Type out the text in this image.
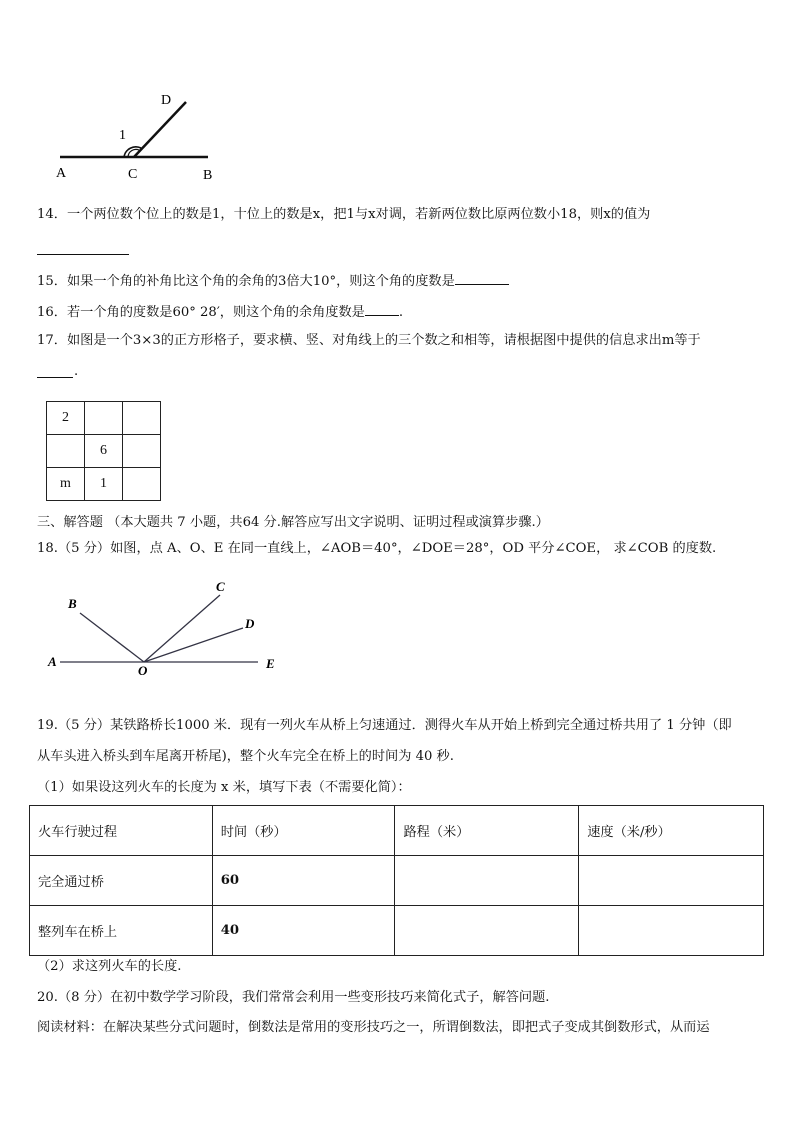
D
1
A	C	B
14．一个两位数个位上的数是1，十位上的数是x，把1与x对调，若新两位数比原两位数小18，则x的值为
15．如果一个角的补角比这个角的余角的3倍大10°，则这个角的度数是
16．若一个角的度数是60° 28′，则这个角的余角度数是	.
17．如图是一个3×3的正方形格子，要求横、竖、对角线上的三个数之和相等，请根据图中提供的信息求出m等于
.
2		
	6	
m	1	
三、解答题 （本大题共 7 小题，共64 分.解答应写出文字说明、证明过程或演算步骤.）
18.（5 分）如图，点 A、O、E 在同一直线上，∠AOB＝40°，∠DOE＝28°，OD 平分∠COE， 求∠COB 的度数.
B
C
D
A
O	E
19.（5 分）某铁路桥长1000 米．现有一列火车从桥上匀速通过．测得火车从开始上桥到完全通过桥共用了 1 分钟（即
从车头进入桥头到车尾离开桥尾)，整个火车完全在桥上的时间为 40 秒.
（1）如果设这列火车的长度为 x 米，填写下表（不需要化简）：
火车行驶过程	时间（秒）	路程（米）	速度（米/秒）
完全通过桥	60		
整列车在桥上	40		
（2）求这列火车的长度.
20.（8 分）在初中数学学习阶段，我们常常会利用一些变形技巧来简化式子，解答问题.
阅读材料：在解决某些分式问题时，倒数法是常用的变形技巧之一，所谓倒数法，即把式子变成其倒数形式，从而运
